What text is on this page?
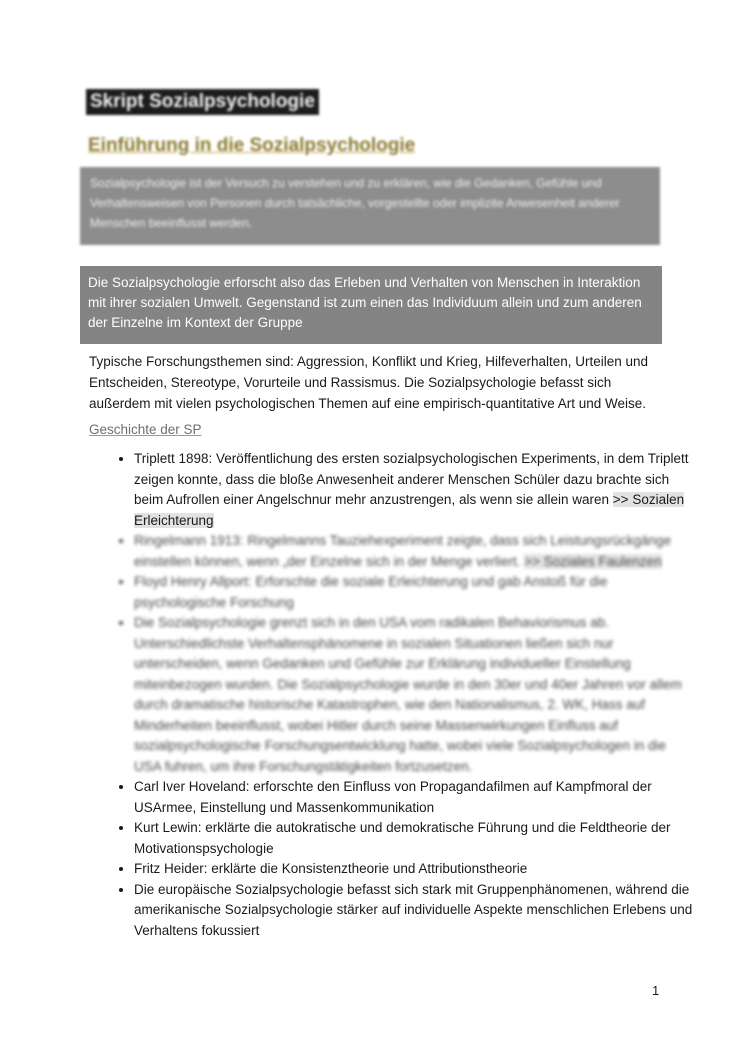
Skript Sozialpsychologie
Einführung in die Sozialpsychologie
Sozialpsychologie ist der Versuch zu verstehen und zu erklären, wie die Gedanken, Gefühle und Verhaltensweisen von Personen durch tatsächliche, vorgestellte oder implizite Anwesenheit anderer Menschen beeinflusst werden.
Die Sozialpsychologie erforscht also das Erleben und Verhalten von Menschen in Interaktion mit ihrer sozialen Umwelt. Gegenstand ist zum einen das Individuum allein und zum anderen der Einzelne im Kontext der Gruppe
Typische Forschungsthemen sind: Aggression, Konflikt und Krieg, Hilfeverhalten, Urteilen und Entscheiden, Stereotype, Vorurteile und Rassismus. Die Sozialpsychologie befasst sich außerdem mit vielen psychologischen Themen auf eine empirisch-quantitative Art und Weise.
Geschichte der SP
• Triplett 1898: Veröffentlichung des ersten sozialpsychologischen Experiments, in dem Triplett zeigen konnte, dass die bloße Anwesenheit anderer Menschen Schüler dazu brachte sich beim Aufrollen einer Angelschnur mehr anzustrengen, als wenn sie allein waren >> Sozialen Erleichterung
• Ringelmann 1913: Ringelmanns Tauziehexperiment zeigte, dass sich Leistungsrückgänge einstellen können, wenn „der Einzelne sich in der Menge verliert. >> Soziales Faulenzen
• Floyd Henry Allport: Erforschte die soziale Erleichterung und gab Anstoß für die psychologische Forschung
• Die Sozialpsychologie grenzt sich in den USA vom radikalen Behaviorismus ab. Unterschiedlichste Verhaltensphänomene in sozialen Situationen ließen sich nur unterscheiden, wenn Gedanken und Gefühle zur Erklärung individueller Einstellung miteinbezogen wurden. Die Sozialpsychologie wurde in den 30er und 40er Jahren vor allem durch dramatische historische Katastrophen, wie den Nationalismus, 2. WK, Hass auf Minderheiten beeinflusst, wobei Hitler durch seine Massenwirkungen Einfluss auf sozialpsychologische Forschungsentwicklung hatte, wobei viele Sozialpsychologen in die USA fuhren, um ihre Forschungstätigkeiten fortzusetzen.
• Carl Iver Hoveland: erforschte den Einfluss von Propagandafilmen auf Kampfmoral der USArmee, Einstellung und Massenkommunikation
• Kurt Lewin: erklärte die autokratische und demokratische Führung und die Feldtheorie der Motivationspsychologie
• Fritz Heider: erklärte die Konsistenztheorie und Attributionstheorie
• Die europäische Sozialpsychologie befasst sich stark mit Gruppenphänomenen, während die amerikanische Sozialpsychologie stärker auf individuelle Aspekte menschlichen Erlebens und Verhaltens fokussiert
1
